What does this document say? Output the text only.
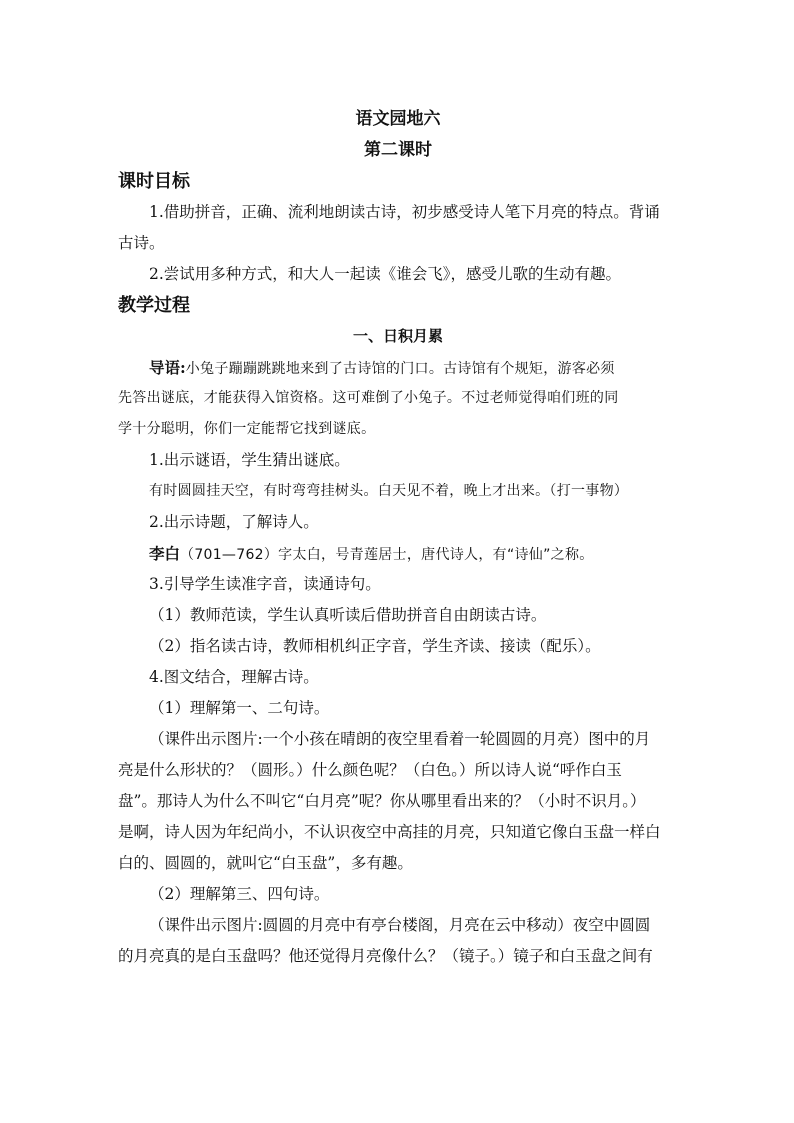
语文园地六
第二课时
课时目标
1.借助拼音，正确、流利地朗读古诗，初步感受诗人笔下月亮的特点。背诵
古诗。
2.尝试用多种方式，和大人一起读《谁会飞》，感受儿歌的生动有趣。
教学过程
一、日积月累
导语:小兔子蹦蹦跳跳地来到了古诗馆的门口。古诗馆有个规矩，游客必须
先答出谜底，才能获得入馆资格。这可难倒了小兔子。不过老师觉得咱们班的同
学十分聪明，你们一定能帮它找到谜底。
1.出示谜语，学生猜出谜底。
有时圆圆挂天空，有时弯弯挂树头。白天见不着，晚上才出来。（打一事物）
2.出示诗题，了解诗人。
李白（701—762）字太白，号青莲居士，唐代诗人，有“诗仙”之称。
3.引导学生读准字音，读通诗句。
（1）教师范读，学生认真听读后借助拼音自由朗读古诗。
（2）指名读古诗，教师相机纠正字音，学生齐读、接读（配乐）。
4.图文结合，理解古诗。
（1）理解第一、二句诗。
（课件出示图片:一个小孩在晴朗的夜空里看着一轮圆圆的月亮）图中的月
亮是什么形状的？（圆形。）什么颜色呢？（白色。）所以诗人说“呼作白玉
盘”。那诗人为什么不叫它“白月亮”呢？你从哪里看出来的？（小时不识月。）
是啊，诗人因为年纪尚小，不认识夜空中高挂的月亮，只知道它像白玉盘一样白
白的、圆圆的，就叫它“白玉盘”，多有趣。
（2）理解第三、四句诗。
（课件出示图片:圆圆的月亮中有亭台楼阁，月亮在云中移动）夜空中圆圆
的月亮真的是白玉盘吗？他还觉得月亮像什么？（镜子。）镜子和白玉盘之间有
